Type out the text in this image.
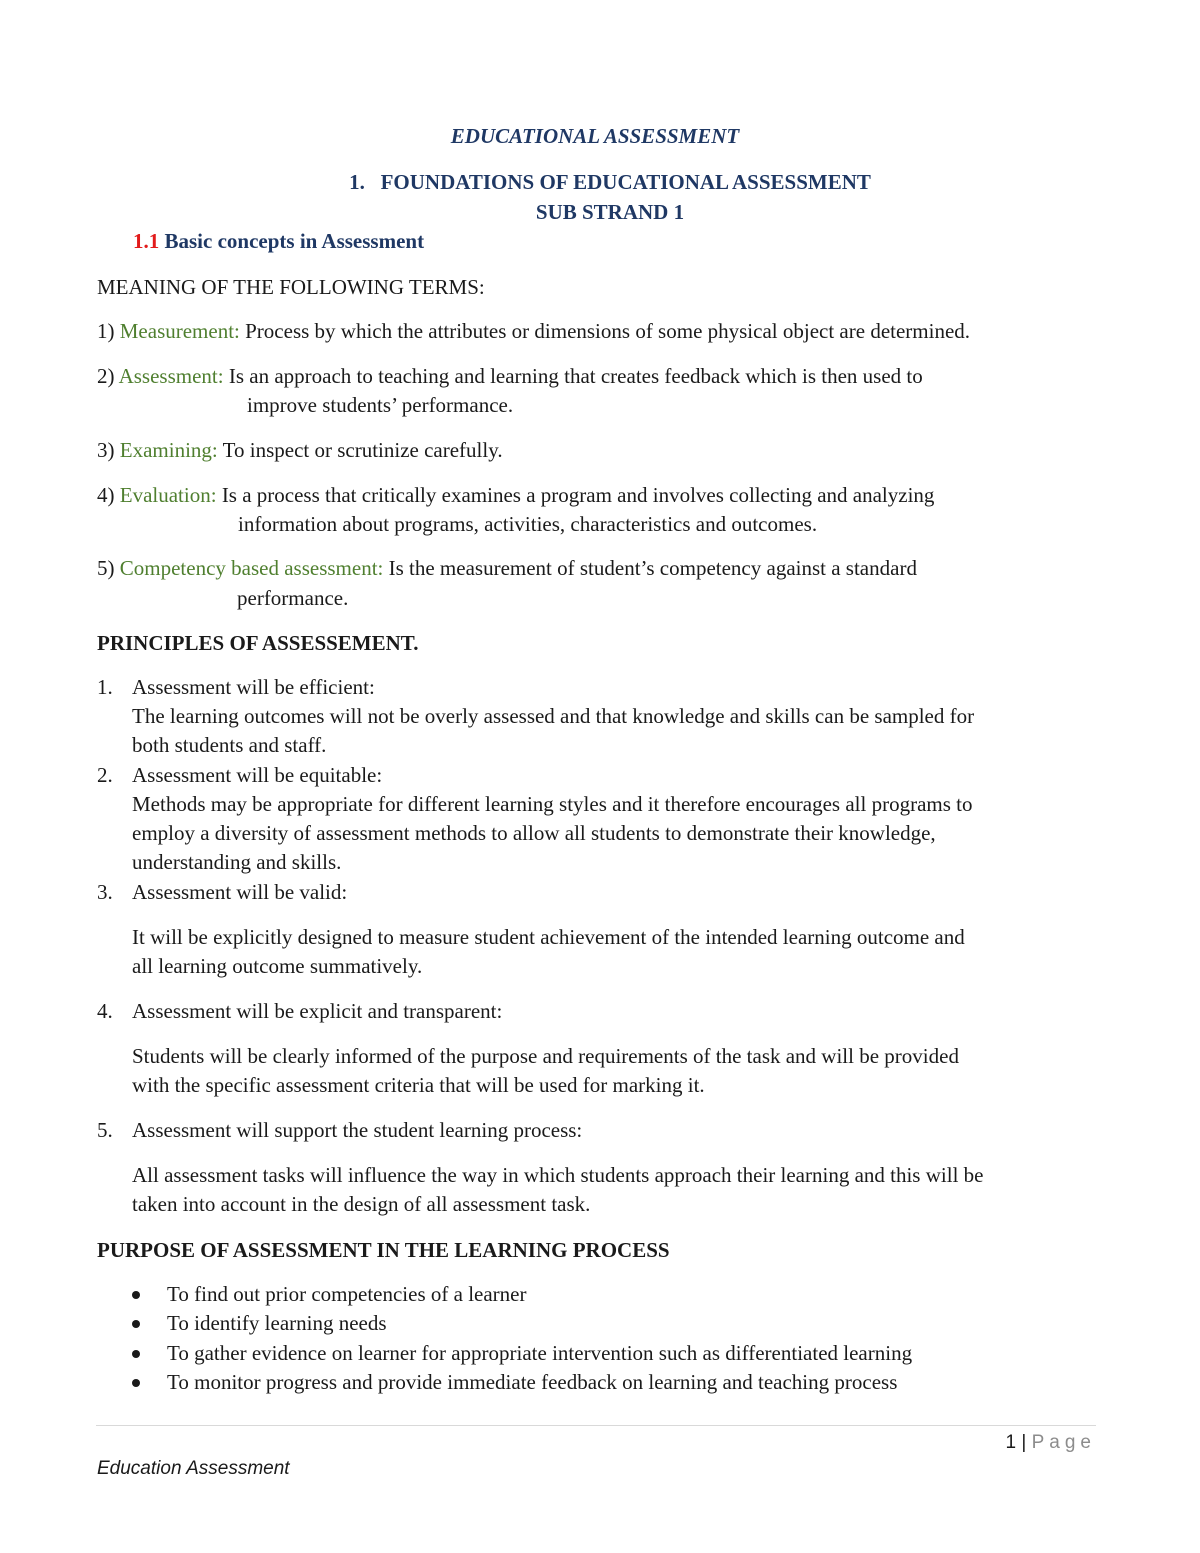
EDUCATIONAL ASSESSMENT
1. FOUNDATIONS OF EDUCATIONAL ASSESSMENT
SUB STRAND 1
1.1 Basic concepts in Assessment
MEANING OF THE FOLLOWING TERMS:
1) Measurement: Process by which the attributes or dimensions of some physical object are determined.
2) Assessment: Is an approach to teaching and learning that creates feedback which is then used to
improve students’ performance.
3) Examining: To inspect or scrutinize carefully.
4) Evaluation: Is a process that critically examines a program and involves collecting and analyzing
information about programs, activities, characteristics and outcomes.
5) Competency based assessment: Is the measurement of student’s competency against a standard
performance.
PRINCIPLES OF ASSESSEMENT.
1. Assessment will be efficient:
The learning outcomes will not be overly assessed and that knowledge and skills can be sampled for
both students and staff.
2. Assessment will be equitable:
Methods may be appropriate for different learning styles and it therefore encourages all programs to
employ a diversity of assessment methods to allow all students to demonstrate their knowledge,
understanding and skills.
3. Assessment will be valid:
It will be explicitly designed to measure student achievement of the intended learning outcome and
all learning outcome summatively.
4. Assessment will be explicit and transparent:
Students will be clearly informed of the purpose and requirements of the task and will be provided
with the specific assessment criteria that will be used for marking it.
5. Assessment will support the student learning process:
All assessment tasks will influence the way in which students approach their learning and this will be
taken into account in the design of all assessment task.
PURPOSE OF ASSESSMENT IN THE LEARNING PROCESS
To find out prior competencies of a learner
To identify learning needs
To gather evidence on learner for appropriate intervention such as differentiated learning
To monitor progress and provide immediate feedback on learning and teaching process
1 | Page
Education Assessment
